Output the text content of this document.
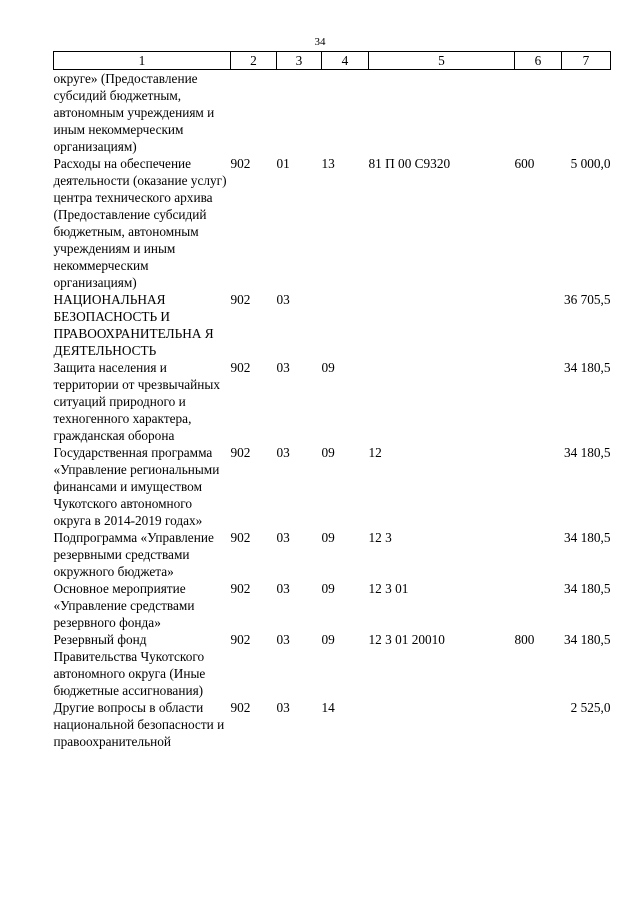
34
1	2	3	4	5	6	7
округе» (Предоставление субсидий бюджетным, автономным учреждениям и иным некоммерческим организациям)						
Расходы на обеспечение деятельности (оказание услуг) центра технического архива (Предоставление субсидий бюджетным, автономным учреждениям и иным некоммерческим организациям)	902	01	13	81 П 00 С9320	600	5 000,0
НАЦИОНАЛЬНАЯ БЕЗОПАСНОСТЬ И ПРАВООХРАНИТЕЛЬНА Я ДЕЯТЕЛЬНОСТЬ	902	03				36 705,5
Защита населения и территории от чрезвычайных ситуаций природного и техногенного характера, гражданская оборона	902	03	09			34 180,5
Государственная программа «Управление региональными финансами и имуществом Чукотского автономного округа в 2014-2019 годах»	902	03	09	12		34 180,5
Подпрограмма «Управление резервными средствами окружного бюджета»	902	03	09	12 3		34 180,5
Основное мероприятие «Управление средствами резервного фонда»	902	03	09	12 3 01		34 180,5
Резервный фонд Правительства Чукотского автономного округа (Иные бюджетные ассигнования)	902	03	09	12 3 01 20010	800	34 180,5
Другие вопросы в области национальной безопасности и правоохранительной	902	03	14			2 525,0
